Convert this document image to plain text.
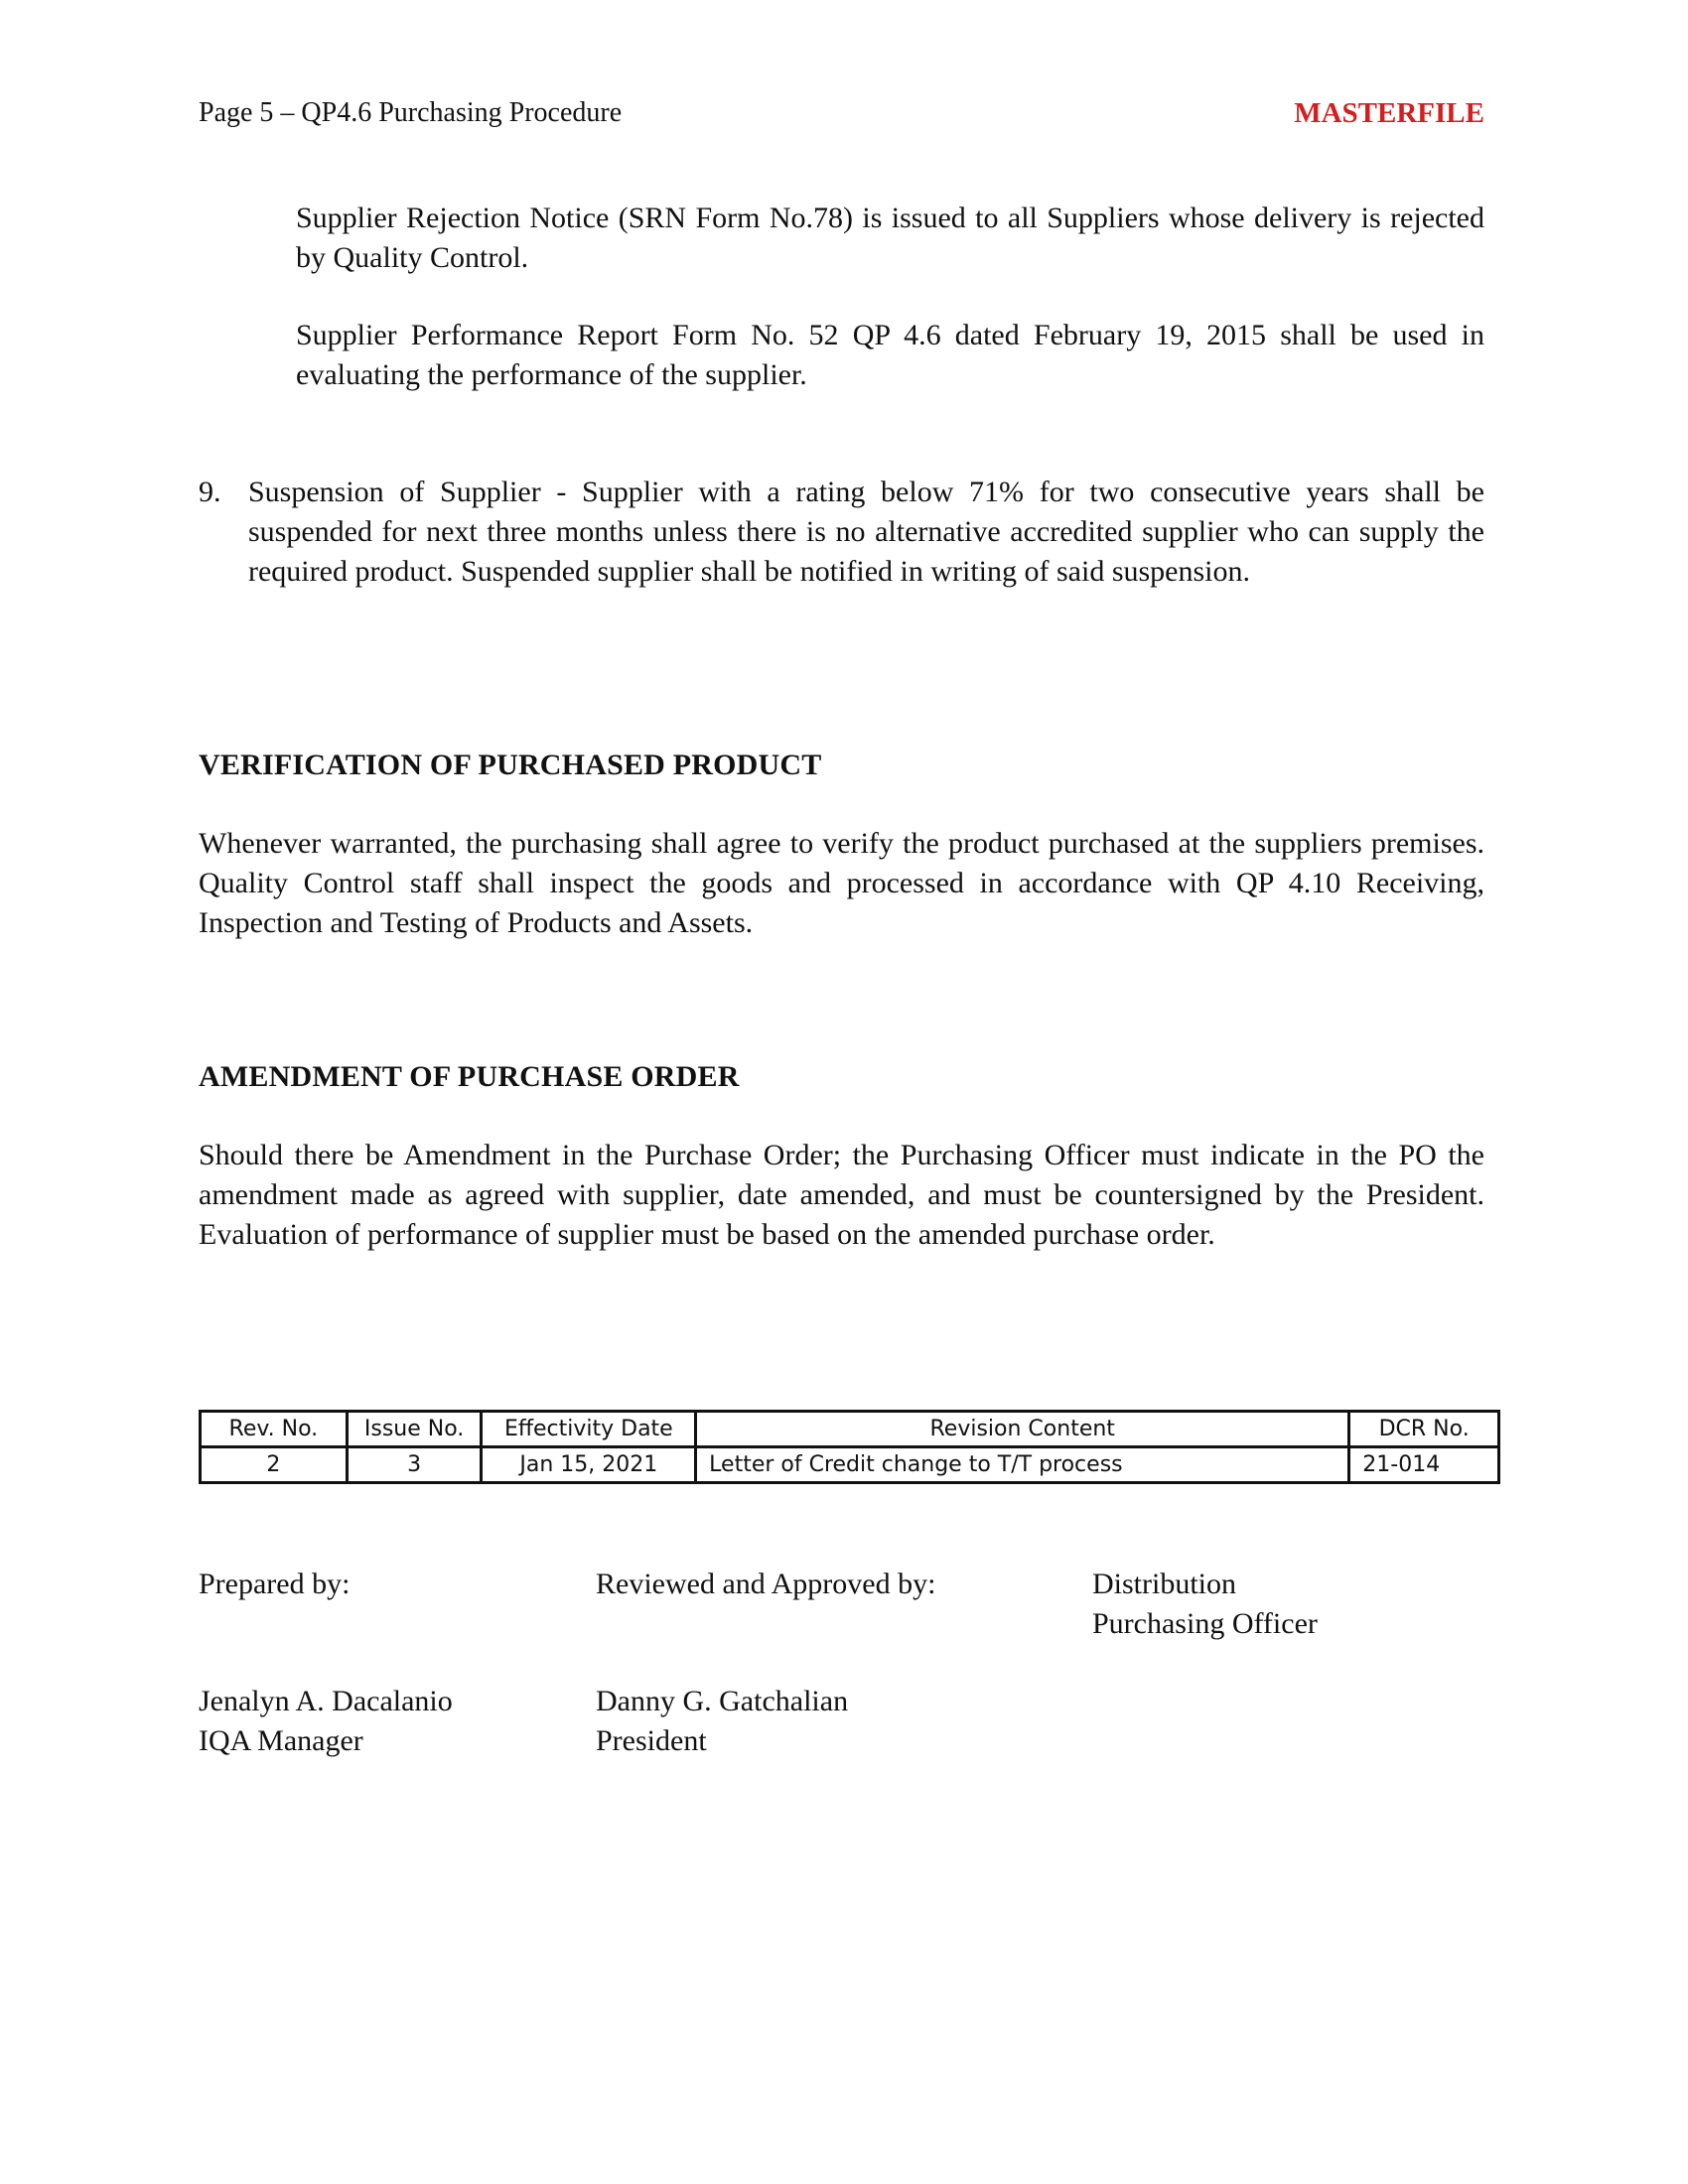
Page 5 – QP4.6 Purchasing Procedure	MASTERFILE
Supplier Rejection Notice (SRN Form No.78) is issued to all Suppliers whose delivery is rejected by Quality Control.
Supplier Performance Report Form No. 52 QP 4.6 dated February 19, 2015 shall be used in evaluating the performance of the supplier.
9. Suspension of Supplier - Supplier with a rating below 71% for two consecutive years shall be suspended for next three months unless there is no alternative accredited supplier who can supply the required product. Suspended supplier shall be notified in writing of said suspension.
VERIFICATION OF PURCHASED PRODUCT
Whenever warranted, the purchasing shall agree to verify the product purchased at the suppliers premises. Quality Control staff shall inspect the goods and processed in accordance with QP 4.10 Receiving, Inspection and Testing of Products and Assets.
AMENDMENT OF PURCHASE ORDER
Should there be Amendment in the Purchase Order; the Purchasing Officer must indicate in the PO the amendment made as agreed with supplier, date amended, and must be countersigned by the President. Evaluation of performance of supplier must be based on the amended purchase order.
Rev. No.	Issue No.	Effectivity Date	Revision Content	DCR No.
2	3	Jan 15, 2021	Letter of Credit change to T/T process	21-014
Prepared by:	Reviewed and Approved by:	Distribution
Purchasing Officer
Jenalyn A. Dacalanio
IQA Manager
Danny G. Gatchalian
President
